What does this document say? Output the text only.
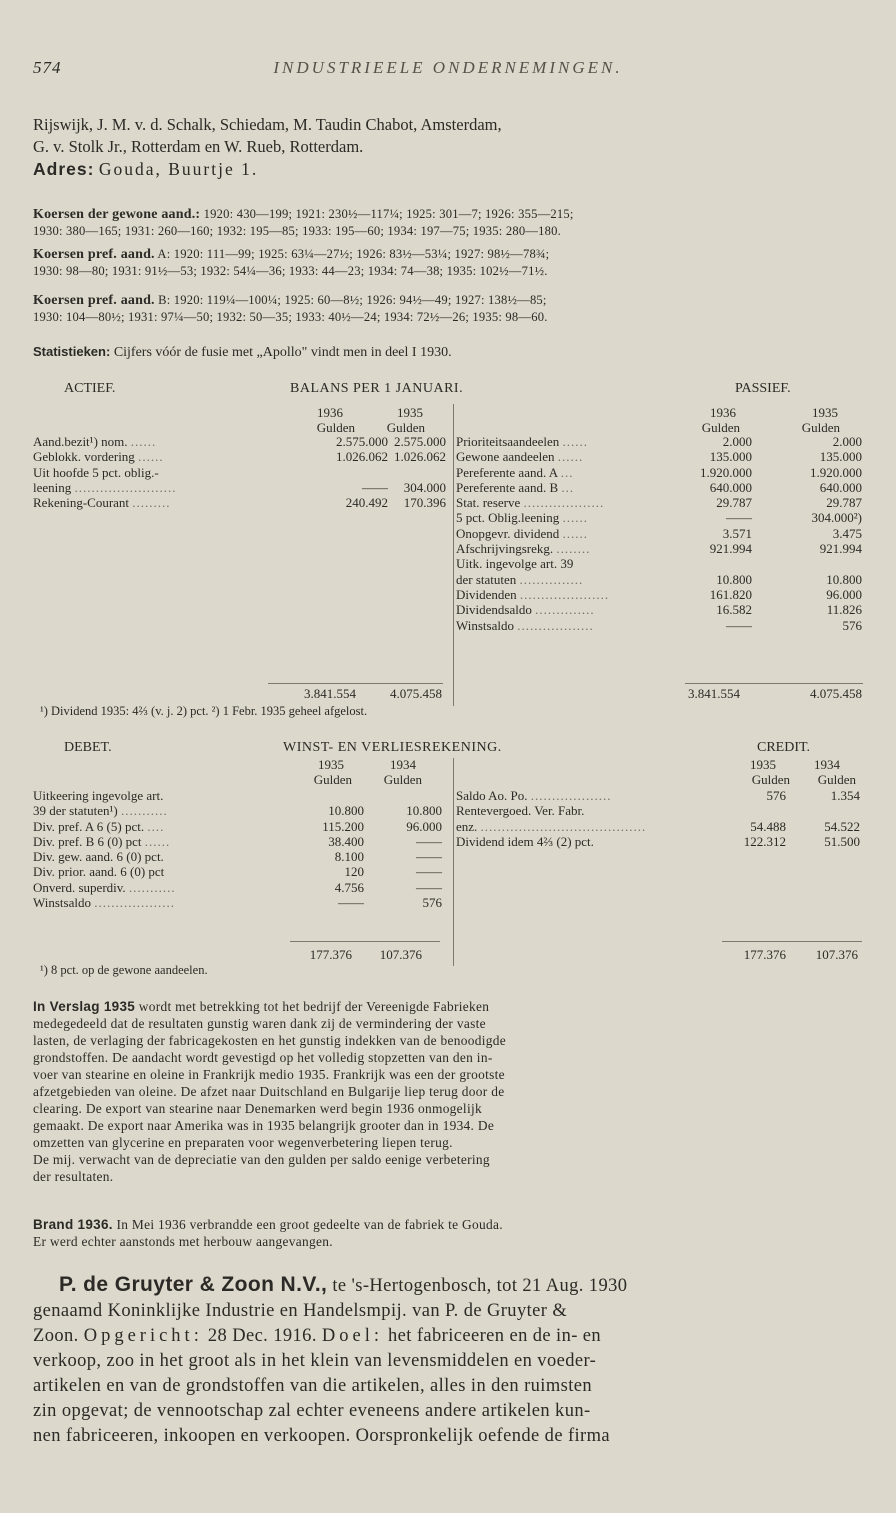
574	INDUSTRIEELE ONDERNEMINGEN.
Rijswijk, J. M. v. d. Schalk, Schiedam, M. Taudin Chabot, Amsterdam,
G. v. Stolk Jr., Rotterdam en W. Rueb, Rotterdam.
Adres: Gouda, Buurtje 1.
Koersen der gewone aand.: 1920: 430—199; 1921: 230½—117¼; 1925: 301—7; 1926: 355—215;
1930: 380—165; 1931: 260—160; 1932: 195—85; 1933: 195—60; 1934: 197—75; 1935: 280—180.
Koersen pref. aand. A: 1920: 111—99; 1925: 63¼—27½; 1926: 83½—53¼; 1927: 98½—78¾;
1930: 98—80; 1931: 91½—53; 1932: 54¼—36; 1933: 44—23; 1934: 74—38; 1935: 102½—71½.
Koersen pref. aand. B: 1920: 119¼—100¼; 1925: 60—8½; 1926: 94½—49; 1927: 138½—85;
1930: 104—80½; 1931: 97¼—50; 1932: 50—35; 1933: 40½—24; 1934: 72½—26; 1935: 98—60.
Statistieken: Cijfers vóór de fusie met „Apollo" vindt men in deel I 1930.
ACTIEF.	BALANS PER 1 JANUARI.	PASSIEF.
1936	1935
Gulden	Gulden
1936	1935
Gulden	Gulden
Aand.bezit¹) nom. ......	2.575.000 2.575.000
Geblokk. vordering ......	1.026.062 1.026.062
Uit hoofde 5 pct. oblig.-
leening ........................	——	304.000
Rekening-Courant .........	240.492	170.396
Prioriteitsaandeelen ......	2.000	2.000
Gewone aandeelen ......	135.000	135.000
Pereferente aand. A ...	1.920.000	1.920.000
Pereferente aand. B ...	640.000	640.000
Stat. reserve ...................	29.787	29.787
5 pct. Oblig.leening ......	——	304.000²)
Onopgevr. dividend ......	3.571	3.475
Afschrijvingsrekg. ........	921.994	921.994
Uitk. ingevolge art. 39
der statuten ...............	10.800	10.800
Dividenden .....................	161.820	96.000
Dividendsaldo ..............	16.582	11.826
Winstsaldo ..................	——	576
3.841.554	4.075.458	3.841.554	4.075.458
¹) Dividend 1935: 4⅔ (v. j. 2) pct. ²) 1 Febr. 1935 geheel afgelost.
DEBET.	WINST- EN VERLIESREKENING.	CREDIT.
1935	1934
Gulden	Gulden
1935	1934
Gulden	Gulden
Uitkeering ingevolge art.
39 der statuten¹) ...........	10.800	10.800
Div. pref. A 6 (5) pct. ....	115.200	96.000
Div. pref. B 6 (0) pct ......	38.400	——
Div. gew. aand. 6 (0) pct.	8.100	——
Div. prior. aand. 6 (0) pct	120	——
Onverd. superdiv. ...........	4.756	——
Winstsaldo ...................	——	576
Saldo Ao. Po. ...................	576	1.354
Rentevergoed. Ver. Fabr.
enz. .......................................	54.488	54.522
Dividend idem 4⅔ (2) pct.	122.312	51.500
177.376	107.376	177.376	107.376
¹) 8 pct. op de gewone aandeelen.
In Verslag 1935 wordt met betrekking tot het bedrijf der Vereenigde Fabrieken
medegedeeld dat de resultaten gunstig waren dank zij de vermindering der vaste
lasten, de verlaging der fabricagekosten en het gunstig indekken van de benoodigde
grondstoffen. De aandacht wordt gevestigd op het volledig stopzetten van den in-
voer van stearine en oleine in Frankrijk medio 1935. Frankrijk was een der grootste
afzetgebieden van oleine. De afzet naar Duitschland en Bulgarije liep terug door de
clearing. De export van stearine naar Denemarken werd begin 1936 onmogelijk
gemaakt. De export naar Amerika was in 1935 belangrijk grooter dan in 1934. De
omzetten van glycerine en preparaten voor wegenverbetering liepen terug.
De mij. verwacht van de depreciatie van den gulden per saldo eenige verbetering
der resultaten.
Brand 1936. In Mei 1936 verbrandde een groot gedeelte van de fabriek te Gouda.
Er werd echter aanstonds met herbouw aangevangen.
P. de Gruyter & Zoon N.V., te 's-Hertogenbosch, tot 21 Aug. 1930
genaamd Koninklijke Industrie en Handelsmpij. van P. de Gruyter &
Zoon. Opgericht: 28 Dec. 1916. Doel: het fabriceeren en de in- en
verkoop, zoo in het groot als in het klein van levensmiddelen en voeder-
artikelen en van de grondstoffen van die artikelen, alles in den ruimsten
zin opgevat; de vennootschap zal echter eveneens andere artikelen kun-
nen fabriceeren, inkoopen en verkoopen. Oorspronkelijk oefende de firma
